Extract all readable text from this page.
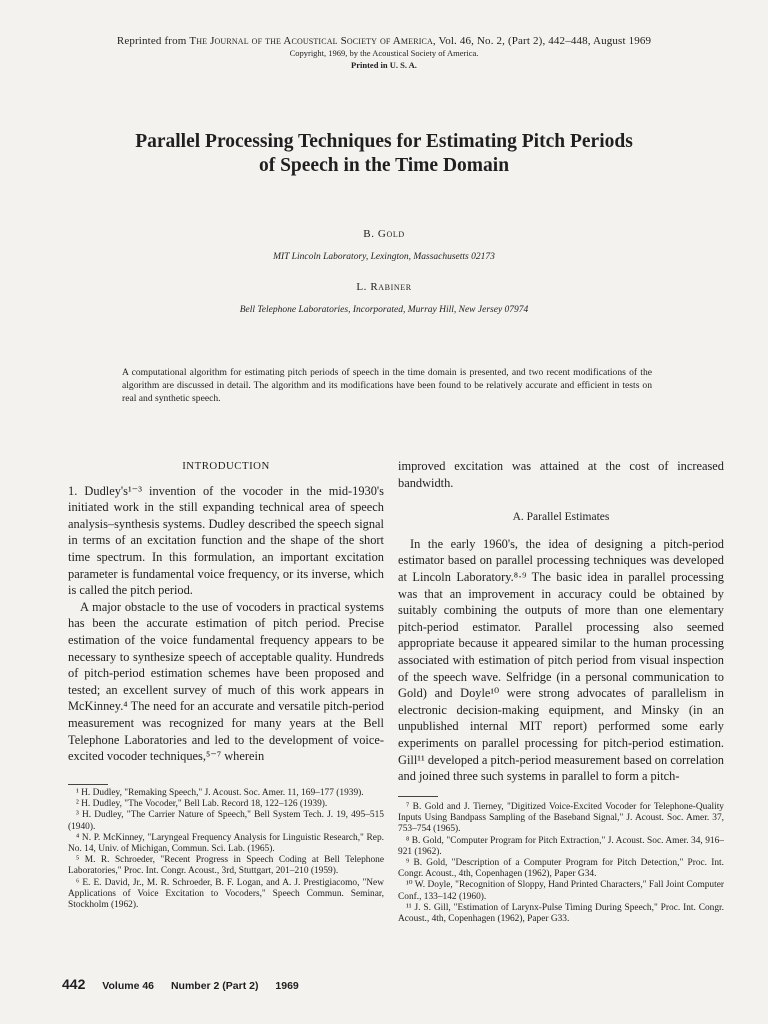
Reprinted from The Journal of the Acoustical Society of America, Vol. 46, No. 2, (Part 2), 442–448, August 1969
Copyright, 1969, by the Acoustical Society of America.
Printed in U. S. A.
Parallel Processing Techniques for Estimating Pitch Periods
of Speech in the Time Domain
B. Gold
MIT Lincoln Laboratory, Lexington, Massachusetts 02173
L. Rabiner
Bell Telephone Laboratories, Incorporated, Murray Hill, New Jersey 07974
A computational algorithm for estimating pitch periods of speech in the time domain is presented, and two recent modifications of the algorithm are discussed in detail. The algorithm and its modifications have been found to be relatively accurate and efficient in tests on real and synthetic speech.
INTRODUCTION

1. Dudley's¹⁻³ invention of the vocoder in the mid-1930's initiated work in the still expanding technical area of speech analysis–synthesis systems. Dudley described the speech signal in terms of an excitation function and the shape of the short time spectrum. In this formulation, an important excitation parameter is fundamental voice frequency, or its inverse, which is called the pitch period.

A major obstacle to the use of vocoders in practical systems has been the accurate estimation of pitch period. Precise estimation of the voice fundamental frequency appears to be necessary to synthesize speech of acceptable quality. Hundreds of pitch-period estimation schemes have been proposed and tested; an excellent survey of much of this work appears in McKinney.⁴ The need for an accurate and versatile pitch-period measurement was recognized for many years at the Bell Telephone Laboratories and led to the development of voice-excited vocoder techniques,⁵⁻⁷ wherein

improved excitation was attained at the cost of increased bandwidth.

A. Parallel Estimates

In the early 1960's, the idea of designing a pitch-period estimator based on parallel processing techniques was developed at Lincoln Laboratory.⁸·⁹ The basic idea in parallel processing was that an improvement in accuracy could be obtained by suitably combining the outputs of more than one elementary pitch-period estimator. Parallel processing also seemed appropriate because it appeared similar to the human processing associated with estimation of pitch period from visual inspection of the speech wave. Selfridge (in a personal communication to Gold) and Doyle¹⁰ were strong advocates of parallelism in electronic decision-making equipment, and Minsky (in an unpublished internal MIT report) performed some early experiments on parallel processing for pitch-period estimation. Gill¹¹ developed a pitch-period measurement based on correlation and joined three such systems in parallel to form a pitch-

¹ H. Dudley, "Remaking Speech," J. Acoust. Soc. Amer. 11, 169–177 (1939).

² H. Dudley, "The Vocoder," Bell Lab. Record 18, 122–126 (1939).

³ H. Dudley, "The Carrier Nature of Speech," Bell System Tech. J. 19, 495–515 (1940).

⁴ N. P. McKinney, "Laryngeal Frequency Analysis for Linguistic Research," Rep. No. 14, Univ. of Michigan, Commun. Sci. Lab. (1965).

⁵ M. R. Schroeder, "Recent Progress in Speech Coding at Bell Telephone Laboratories," Proc. Int. Congr. Acoust., 3rd, Stuttgart, 201–210 (1959).

⁶ E. E. David, Jr., M. R. Schroeder, B. F. Logan, and A. J. Prestigiacomo, "New Applications of Voice Excitation to Vocoders," Speech Commun. Seminar, Stockholm (1962).

⁷ B. Gold and J. Tierney, "Digitized Voice-Excited Vocoder for Telephone-Quality Inputs Using Bandpass Sampling of the Baseband Signal," J. Acoust. Soc. Amer. 37, 753–754 (1965).

⁸ B. Gold, "Computer Program for Pitch Extraction," J. Acoust. Soc. Amer. 34, 916–921 (1962).

⁹ B. Gold, "Description of a Computer Program for Pitch Detection," Proc. Int. Congr. Acoust., 4th, Copenhagen (1962), Paper G34.

¹⁰ W. Doyle, "Recognition of Sloppy, Hand Printed Characters," Fall Joint Computer Conf., 133–142 (1960).

¹¹ J. S. Gill, "Estimation of Larynx-Pulse Timing During Speech," Proc. Int. Congr. Acoust., 4th, Copenhagen (1962), Paper G33.

442 Volume 46 Number 2 (Part 2) 1969
